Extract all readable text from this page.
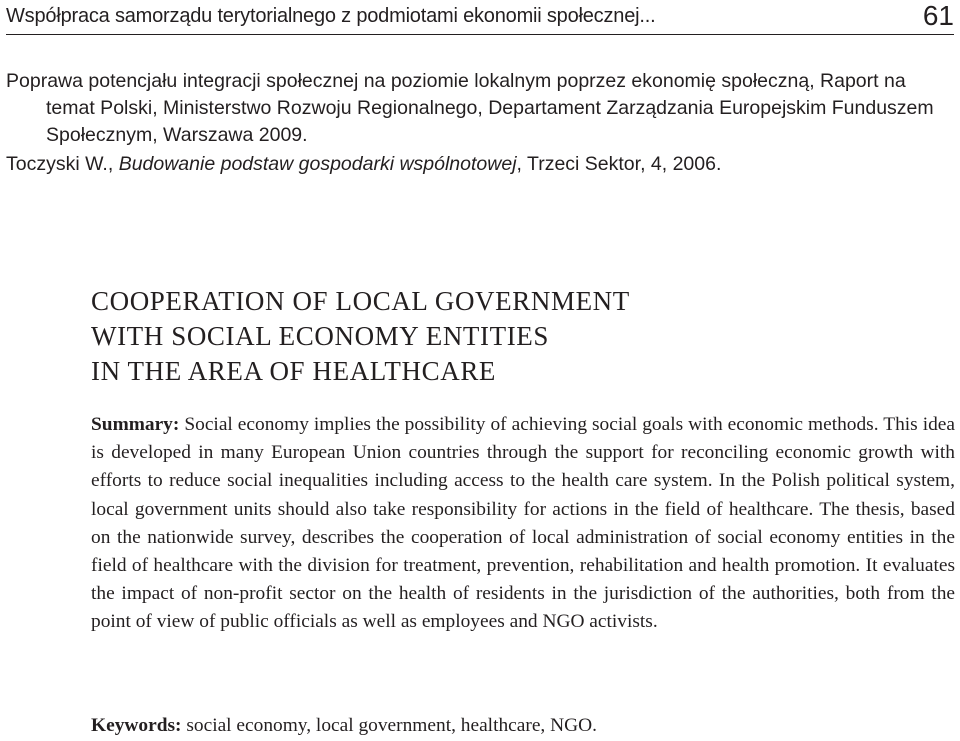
Współpraca samorządu terytorialnego z podmiotami ekonomii społecznej...	61

Poprawa potencjału integracji społecznej na poziomie lokalnym poprzez ekonomię społeczną, Raport na temat Polski, Ministerstwo Rozwoju Regionalnego, Departament Zarządzania Europejskim Funduszem Społecznym, Warszawa 2009.

Toczyski W., Budowanie podstaw gospodarki wspólnotowej, Trzeci Sektor, 4, 2006.

COOPERATION OF LOCAL GOVERNMENT
WITH SOCIAL ECONOMY ENTITIES
IN THE AREA OF HEALTHCARE

Summary: Social economy implies the possibility of achieving social goals with economic methods. This idea is developed in many European Union countries through the support for reconciling economic growth with efforts to reduce social inequalities including access to the health care system. In the Polish political system, local government units should also take responsibility for actions in the field of healthcare. The thesis, based on the nationwide survey, describes the cooperation of local administration of social economy entities in the field of healthcare with the division for treatment, prevention, rehabilitation and health promotion. It evaluates the impact of non-profit sector on the health of residents in the jurisdiction of the authorities, both from the point of view of public officials as well as employees and NGO activists.

Keywords: social economy, local government, healthcare, NGO.
